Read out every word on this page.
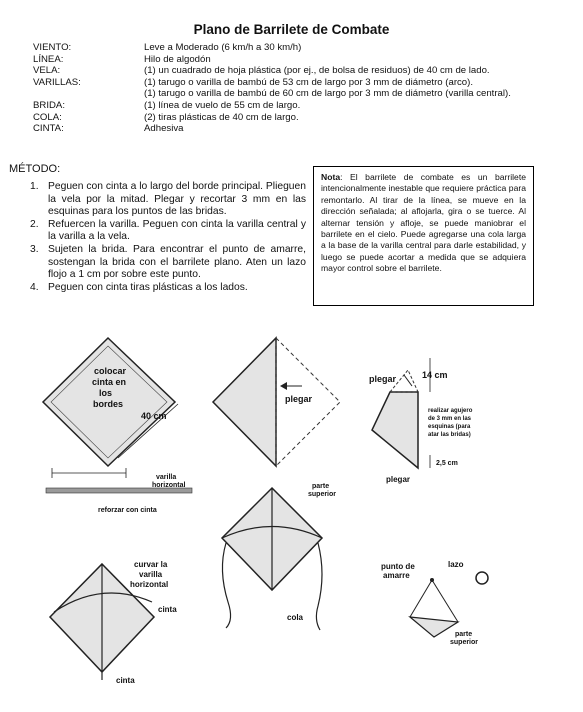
Plano de Barrilete de Combate
VIENTO:	Leve a Moderado (6 km/h a 30 km/h)
LÍNEA:	Hilo de algodón
VELA:	(1) un cuadrado de hoja plástica (por ej., de bolsa de residuos) de 40 cm de lado.
VARILLAS:	(1) tarugo o varilla de bambú de 53 cm de largo por 3 mm de diámetro (arco).
(1) tarugo o varilla de bambú de 60 cm de largo por 3 mm de diámetro (varilla central).
BRIDA:	(1) línea de vuelo de 55 cm de largo.
COLA:	(2) tiras plásticas de 40 cm de largo.
CINTA:	Adhesiva
MÉTODO:
1. Peguen con cinta a lo largo del borde principal. Plieguen la vela por la mitad. Plegar y recortar 3 mm en las esquinas para los puntos de las bridas.
2. Refuercen la varilla. Peguen con cinta la varilla central y la varilla a la vela.
3. Sujeten la brida. Para encontrar el punto de amarre, sostengan la brida con el barrilete plano. Aten un lazo flojo a 1 cm por sobre este punto.
4. Peguen con cinta tiras plásticas a los lados.
Nota: El barrilete de combate es un barrilete intencionalmente inestable que requiere práctica para remontarlo. Al tirar de la línea, se mueve en la dirección señalada; al aflojarla, gira o se tuerce. Al alternar tensión y afloje, se puede maniobrar el barrilete en el cielo. Puede agregarse una cola larga a la base de la varilla central para darle estabilidad, y luego se puede acortar a medida que se adquiera mayor control sobre el barrilete.
colocar
cinta en
los
bordes
40 cm
plegar
plegar	14 cm
realizar agujero
de 3 mm en las
esquinas (para
atar las bridas)
2,5 cm
plegar
varilla
horizontal
reforzar con cinta
parte
superior
cola
curvar la
varilla
horizontal
cinta
cinta
punto de
amarre
lazo
parte
superior
